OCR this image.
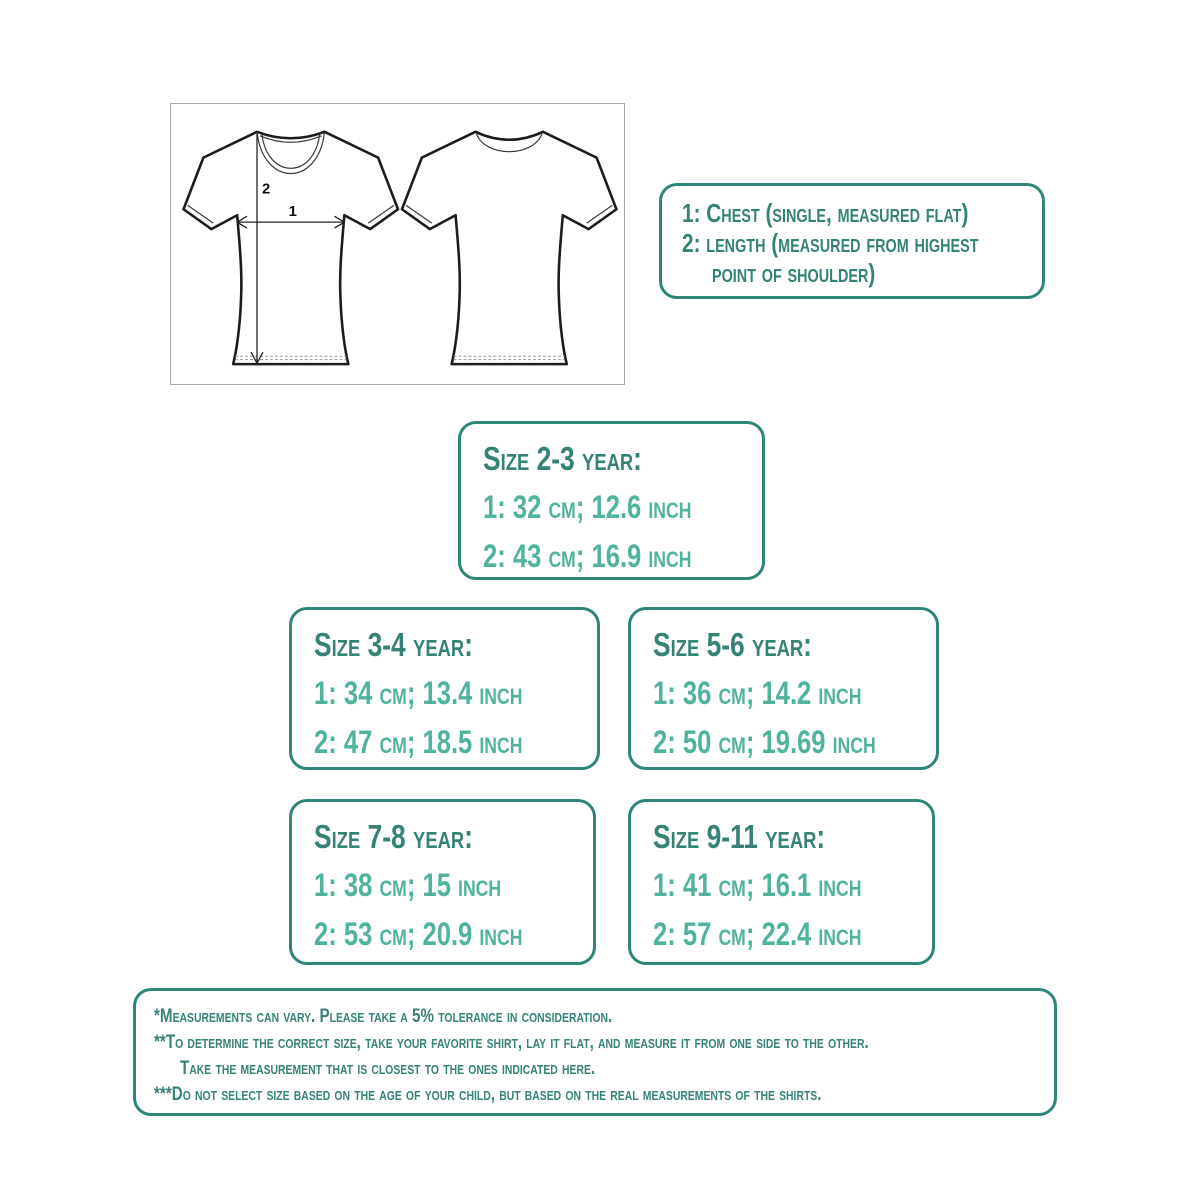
2
1	1: Chest (single, measured flat)
2: length (measured from highest
point of shoulder)
Size 2-3 year:
1: 32 cm; 12.6 inch
2: 43 cm; 16.9 inch
Size 3-4 year:
1: 34 cm; 13.4 inch
2: 47 cm; 18.5 inch
Size 5-6 year:
1: 36 cm; 14.2 inch
2: 50 cm; 19.69 inch
Size 7-8 year:
1: 38 cm; 15 inch
2: 53 cm; 20.9 inch
Size 9-11 year:
1: 41 cm; 16.1 inch
2: 57 cm; 22.4 inch
*Measurements can vary. Please take a 5% tolerance in consideration.
**To determine the correct size, take your favorite shirt, lay it flat, and measure it from one side to the other.
Take the measurement that is closest to the ones indicated here.
***Do not select size based on the age of your child, but based on the real measurements of the shirts.
